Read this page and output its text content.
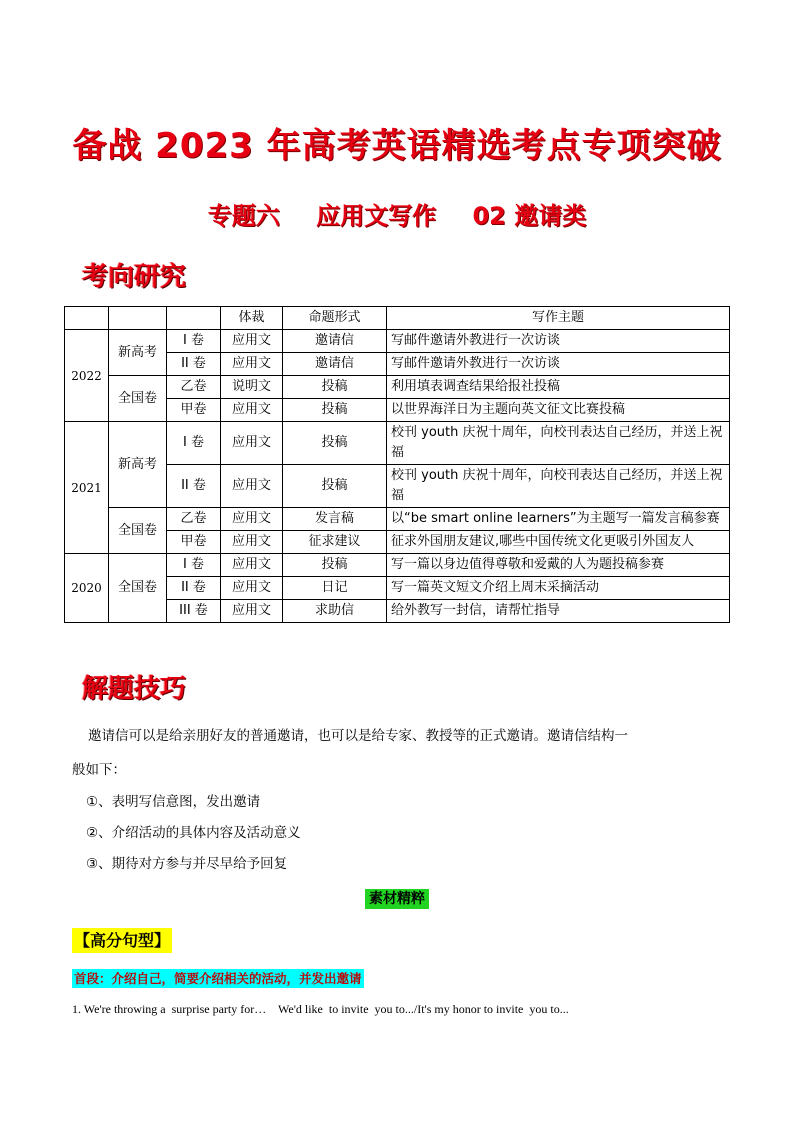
备战 2023 年高考英语精选考点专项突破
专题六 应用文写作 02 邀请类
考向研究
			体裁	命题形式	写作主题
2022	新高考	I 卷	应用文	邀请信	写邮件邀请外教进行一次访谈
		II 卷	应用文	邀请信	写邮件邀请外教进行一次访谈
	全国卷	乙卷	说明文	投稿	利用填表调查结果给报社投稿
		甲卷	应用文	投稿	以世界海洋日为主题向英文征文比赛投稿
2021	新高考	I 卷	应用文	投稿	校刊 youth 庆祝十周年，向校刊表达自己经历，并送上祝福
		II 卷	应用文	投稿	校刊 youth 庆祝十周年，向校刊表达自己经历，并送上祝福
	全国卷	乙卷	应用文	发言稿	以“be smart online learners”为主题写一篇发言稿参赛
		甲卷	应用文	征求建议	征求外国朋友建议,哪些中国传统文化更吸引外国友人
2020	全国卷	I 卷	应用文	投稿	写一篇以身边值得尊敬和爱戴的人为题投稿参赛
		II 卷	应用文	日记	写一篇英文短文介绍上周末采摘活动
		III 卷	应用文	求助信	给外教写一封信，请帮忙指导
解题技巧
邀请信可以是给亲朋好友的普通邀请，也可以是给专家、教授等的正式邀请。邀请信结构一
般如下：
①、表明写信意图，发出邀请
②、介绍活动的具体内容及活动意义
③、期待对方参与并尽早给予回复
素材精粹
【高分句型】
首段：介绍自己，简要介绍相关的活动，并发出邀请
1. We're throwing a  surprise party for…    We'd like  to invite  you to.../It's my honor to invite  you to...
